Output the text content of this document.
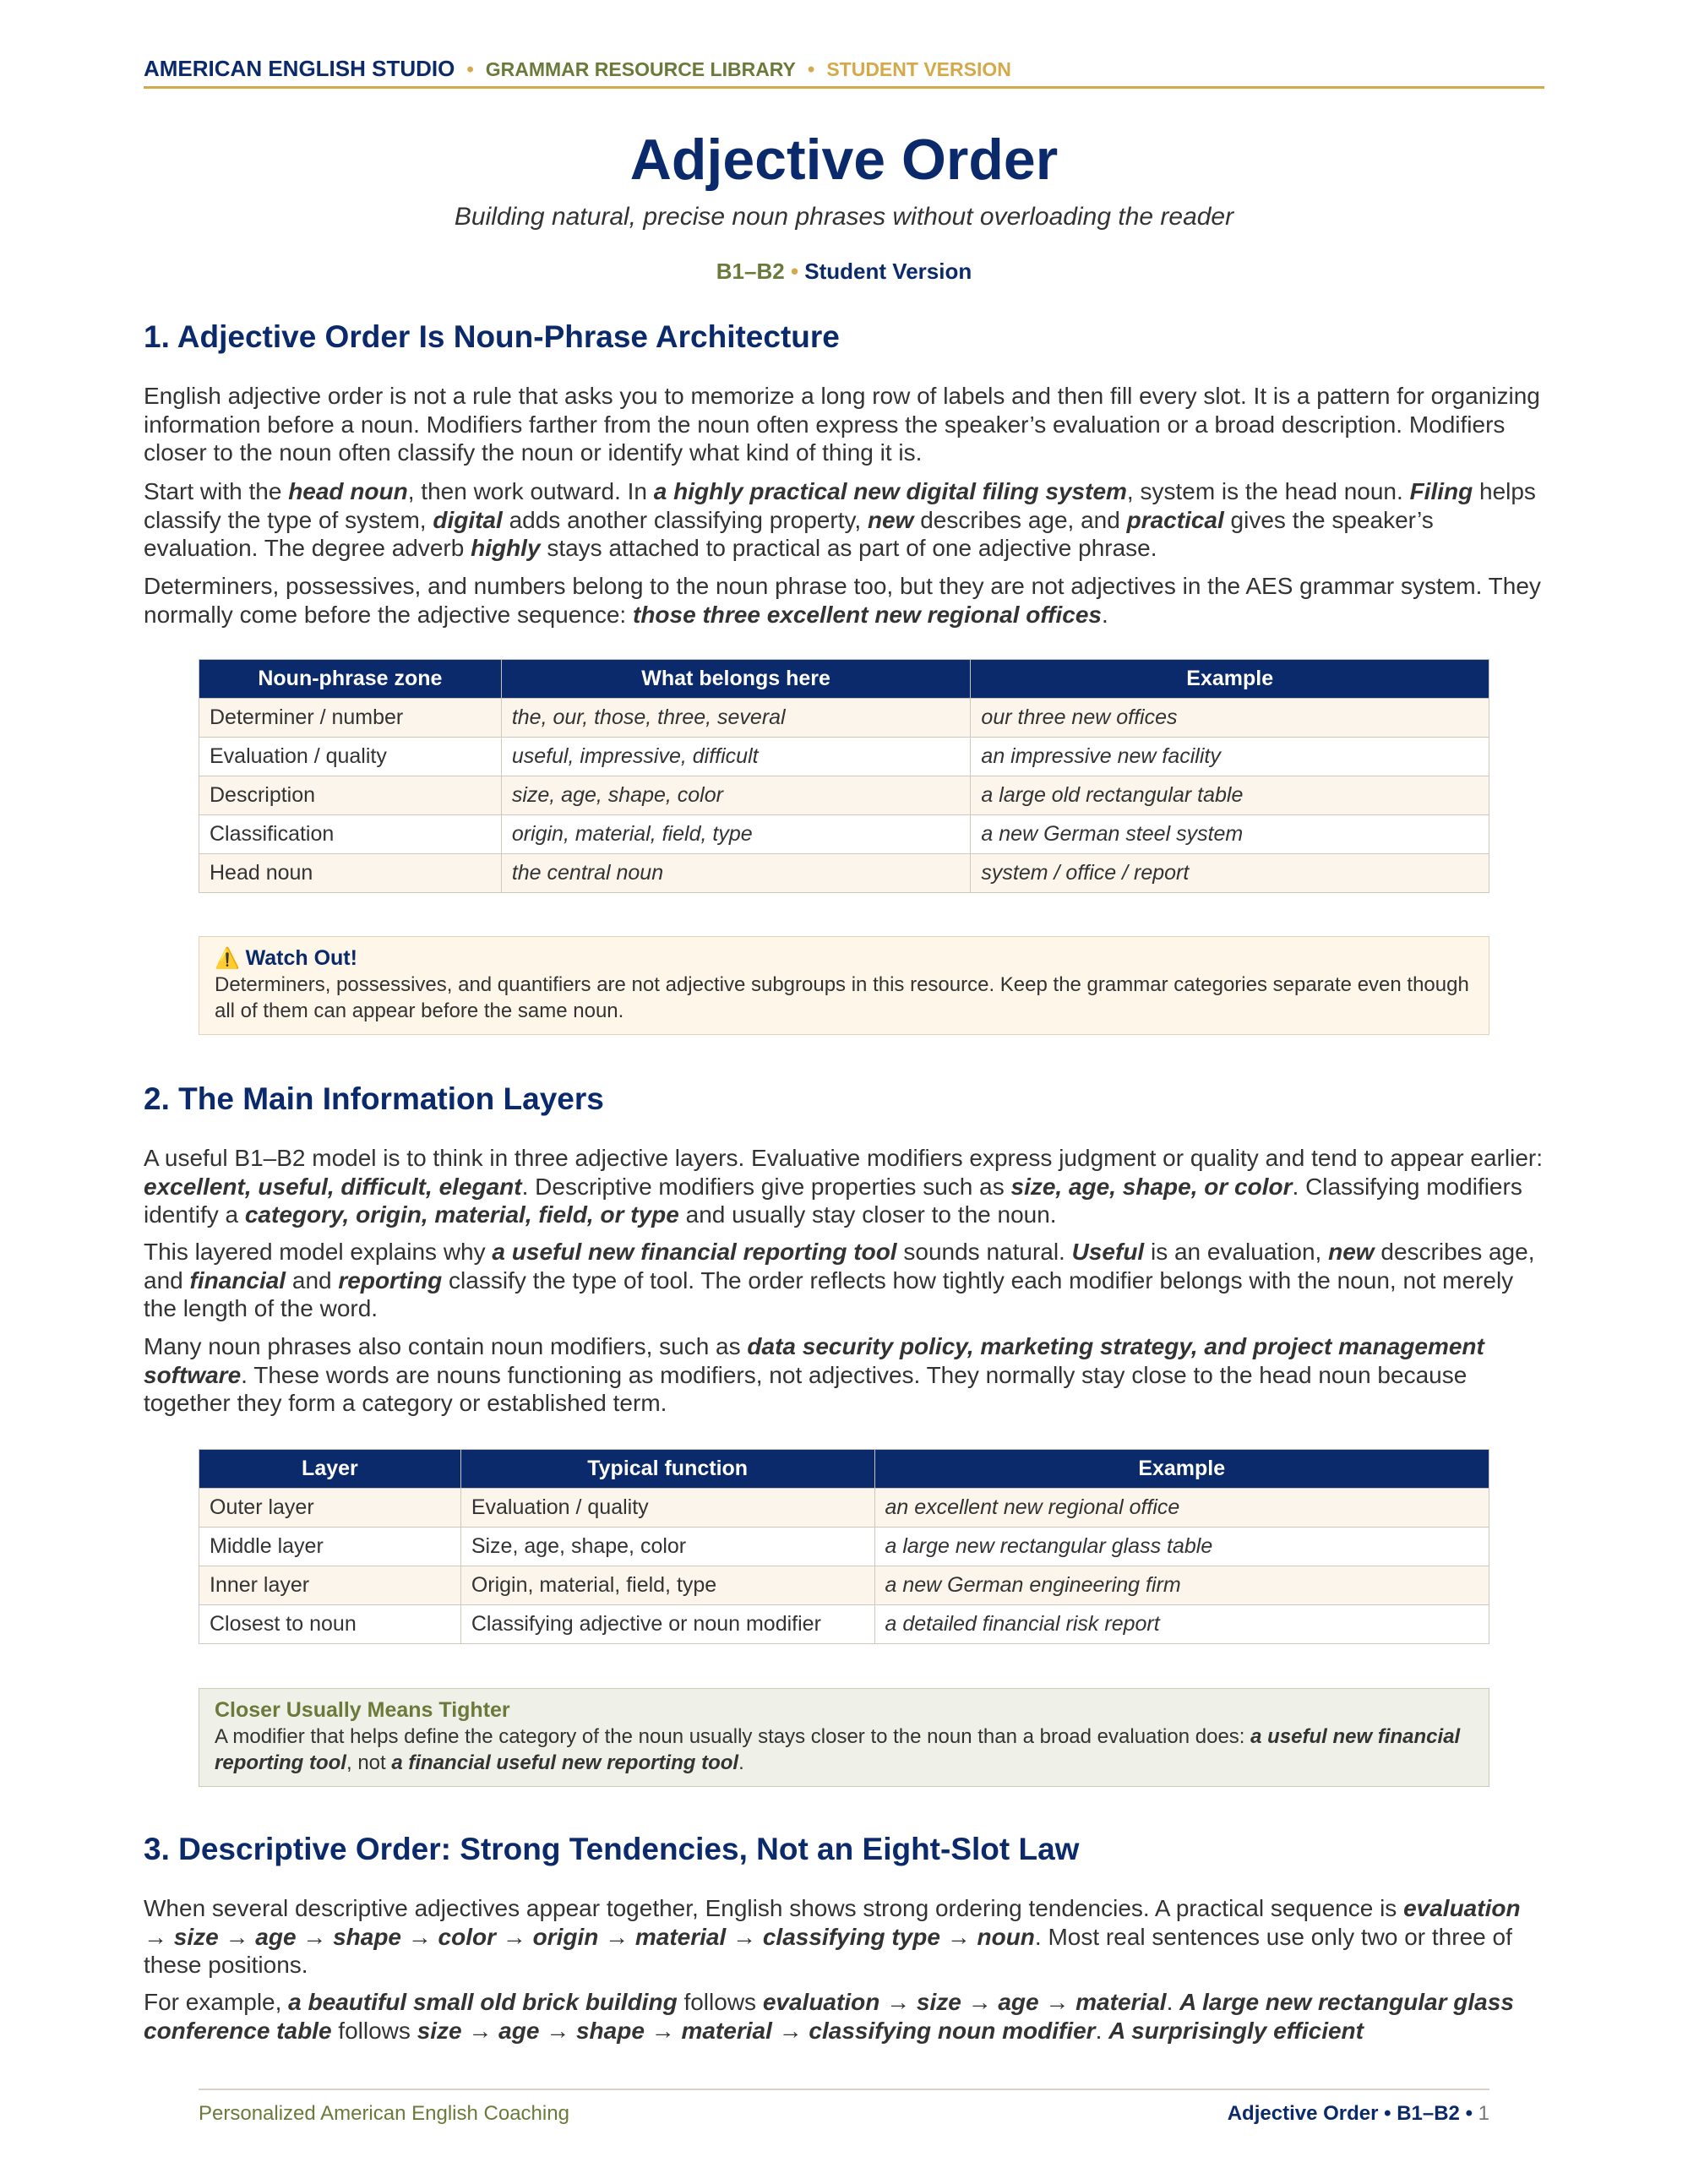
AMERICAN ENGLISH STUDIO • GRAMMAR RESOURCE LIBRARY • STUDENT VERSION
Adjective Order
Building natural, precise noun phrases without overloading the reader
B1–B2 • Student Version
1. Adjective Order Is Noun-Phrase Architecture

English adjective order is not a rule that asks you to memorize a long row of labels and then fill every slot. It is a pattern for organizing information before a noun. Modifiers farther from the noun often express the speaker’s evaluation or a broad description. Modifiers closer to the noun often classify the noun or identify what kind of thing it is.

Start with the head noun, then work outward. In a highly practical new digital filing system, system is the head noun. Filing helps classify the type of system, digital adds another classifying property, new describes age, and practical gives the speaker’s evaluation. The degree adverb highly stays attached to practical as part of one adjective phrase.

Determiners, possessives, and numbers belong to the noun phrase too, but they are not adjectives in the AES grammar system. They normally come before the adjective sequence: those three excellent new regional offices.

Noun-phrase zone	What belongs here	Example
Determiner / number	the, our, those, three, several	our three new offices
Evaluation / quality	useful, impressive, difficult	an impressive new facility
Description	size, age, shape, color	a large old rectangular table
Classification	origin, material, field, type	a new German steel system
Head noun	the central noun	system / office / report
⚠️ Watch Out!
Determiners, possessives, and quantifiers are not adjective subgroups in this resource. Keep the grammar categories separate even though all of them can appear before the same noun.
2. The Main Information Layers

A useful B1–B2 model is to think in three adjective layers. Evaluative modifiers express judgment or quality and tend to appear earlier: excellent, useful, difficult, elegant. Descriptive modifiers give properties such as size, age, shape, or color. Classifying modifiers identify a category, origin, material, field, or type and usually stay closer to the noun.

This layered model explains why a useful new financial reporting tool sounds natural. Useful is an evaluation, new describes age, and financial and reporting classify the type of tool. The order reflects how tightly each modifier belongs with the noun, not merely the length of the word.

Many noun phrases also contain noun modifiers, such as data security policy, marketing strategy, and project management software. These words are nouns functioning as modifiers, not adjectives. They normally stay close to the head noun because together they form a category or established term.

Layer	Typical function	Example
Outer layer	Evaluation / quality	an excellent new regional office
Middle layer	Size, age, shape, color	a large new rectangular glass table
Inner layer	Origin, material, field, type	a new German engineering firm
Closest to noun	Classifying adjective or noun modifier	a detailed financial risk report
Closer Usually Means Tighter
A modifier that helps define the category of the noun usually stays closer to the noun than a broad evaluation does: a useful new financial reporting tool, not a financial useful new reporting tool.
3. Descriptive Order: Strong Tendencies, Not an Eight-Slot Law

When several descriptive adjectives appear together, English shows strong ordering tendencies. A practical sequence is evaluation → size → age → shape → color → origin → material → classifying type → noun. Most real sentences use only two or three of these positions.

For example, a beautiful small old brick building follows evaluation → size → age → material. A large new rectangular glass conference table follows size → age → shape → material → classifying noun modifier. A surprisingly efficient

Personalized American English Coaching	Adjective Order • B1–B2 • 1
